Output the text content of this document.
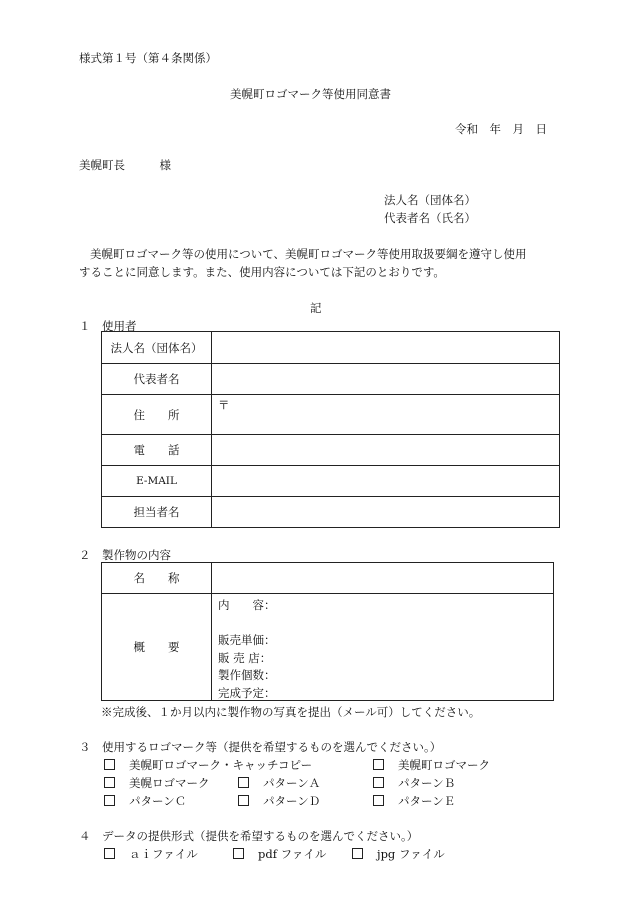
様式第１号（第４条関係）
美幌町ロゴマーク等使用同意書
令和　年　月　日
美幌町長　　　様
法人名（団体名）
代表者名（氏名）
美幌町ロゴマーク等の使用について、美幌町ロゴマーク等使用取扱要綱を遵守し使用
することに同意します。また、使用内容については下記のとおりです。
記
１　使用者
法人名（団体名）	
代表者名	
住　　所	〒
電　　話	
E-MAIL	
担当者名	
２　製作物の内容
名　　称	
概　　要	
内　　容：
販売単価：
販 売 店：
製作個数：
完成予定：
※完成後、１か月以内に製作物の写真を提出（メール可）してください。
３　使用するロゴマーク等（提供を希望するものを選んでください。）
美幌町ロゴマーク・キャッチコピー	美幌町ロゴマーク
美幌ロゴマーク	パターンＡ	パターンＢ
パターンＣ	パターンＤ	パターンＥ
４　データの提供形式（提供を希望するものを選んでください。）
ａｉファイル	pdf ファイル	jpg ファイル
